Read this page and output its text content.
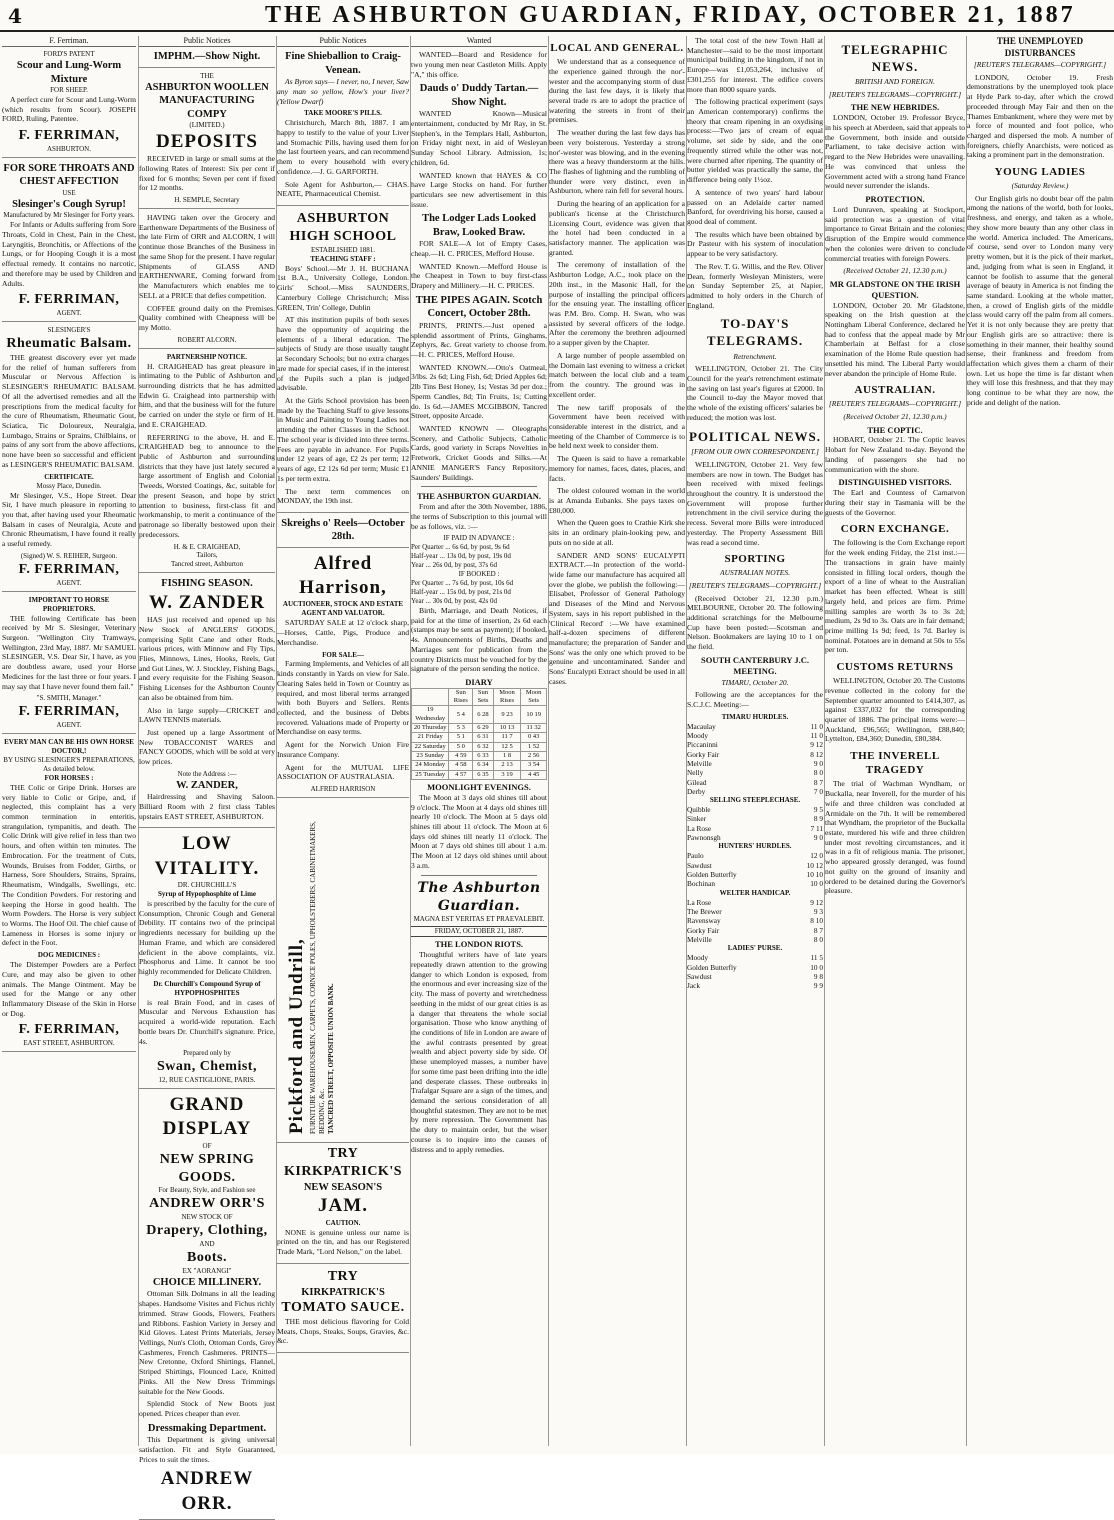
4	THE ASHBURTON GUARDIAN, FRIDAY, OCTOBER 21, 1887
F. Ferriman.
FORD'S PATENT
Scour and Lung-Worm Mixture
FOR SHEEP.

A perfect cure for Scour and Lung-Worm (which results from Scour). JOSEPH FORD, Ruling, Patentee.

F. FERRIMAN,
ASHBURTON.
FOR SORE THROATS AND CHEST AFFECTION
USE
Slesinger's Cough Syrup!
Manufactured by Mr Slesinger for Forty years.

For Infants or Adults suffering from Sore Throats, Cold in Chest, Pain in the Chest, Laryngitis, Bronchitis, or Affections of the Lungs, or for Hooping Cough it is a most effectual remedy. It contains no narcotic, and therefore may be used by Children and Adults.

F. FERRIMAN,
AGENT.
SLESINGER'S
Rheumatic Balsam.

THE greatest discovery ever yet made for the relief of human sufferers from Muscular or Nervous Affection is SLESINGER'S RHEUMATIC BALSAM. Of all the advertised remedies and all the prescriptions from the medical faculty for the cure of Rheumatism, Rheumatic Gout, Sciatica, Tic Doloureux, Neuralgia, Lumbago, Strains or Sprains, Chilblains, or pains of any sort from the above affections, none have been so successful and efficient as LESINGER'S RHEUMATIC BALSAM.

CERTIFICATE.
Mossy Place, Dunedin.

Mr Slesinger, V.S., Hope Street. Dear Sir, I have much pleasure in reporting to you that, after having used your Rheumatic Balsam in cases of Neuralgia, Acute and Chronic Rheumatism, I have found it really a useful remedy.

(Signed) W. S. REIHER, Surgeon.
F. FERRIMAN,
AGENT.
IMPORTANT TO HORSE PROPRIETORS.

THE following Certificate has been received by Mr S. Slesinger, Veterinary Surgeon. "Wellington City Tramways, Wellington, 23rd May, 1887. Mr SAMUEL SLESINGER, V.S. Dear Sir, I have, as you are doubtless aware, used your Horse Medicines for the last three or four years. I may say that I have never found them fail."

"S. SMITH, Manager."
F. FERRIMAN,
AGENT.
EVERY MAN CAN BE HIS OWN HORSE DOCTOR,!
BY USING SLESINGER'S PREPARATIONS, As detailed below.
FOR HORSES :

THE Colic or Gripe Drink. Horses are very liable to Colic or Gripe, and, if neglected, this complaint has a very common termination in enteritis, strangulation, tympanitis, and death. The Colic Drink will give relief in less than two hours, and often within ten minutes. The Embrocation. For the treatment of Cuts, Wounds, Bruises from Fodder, Girths, or Harness, Sore Shoulders, Strains, Sprains, Rheumatism, Windgalls, Swellings, etc. The Condition Powders. For restoring and keeping the Horse in good health. The Worm Powders. The Horse is very subject to Worms. The Hoof Oil. The chief cause of Lameness in Horses is some injury or defect in the Foot.

DOG MEDICINES :

The Distemper Powders are a Perfect Cure, and may also be given to other animals. The Mange Ointment. May be used for the Mange or any other Inflammatory Disease of the Skin in Horse or Dog.

F. FERRIMAN,
EAST STREET, ASHBURTON.
Public Notices
IMPHM.—Show Night.
THE
ASHBURTON WOOLLEN
MANUFACTURING COMPY
(LIMITED.)
DEPOSITS

RECEIVED in large or small sums at the following Rates of Interest: Six per cent if fixed for 6 months; Seven per cent if fixed for 12 months.

H. SEMPLE, Secretary

HAVING taken over the Grocery and Earthenware Departments of the Business of the late Firm of ORR and ALCORN, I will continue those Branches of the Business in the same Shop for the present. I have regular Shipments of GLASS AND EARTHENWARE, Coming forward from the Manufacturers which enables me to SELL at a PRICE that defies competition.

COFFEE ground daily on the Premises. Quality combined with Cheapness will be my Motto.

ROBERT ALCORN.
PARTNERSHIP NOTICE.

H. CRAIGHEAD has great pleasure in intimating to the Public of Ashburton and surrounding districts that he has admitted Edwin G. Craighead into partnership with him, and that the business will for the future be carried on under the style or firm of H. and E. CRAIGHEAD.

REFERRING to the above, H. and E. CRAIGHEAD beg to announce to the Public of Ashburton and surrounding districts that they have just lately secured a large assortment of English and Colonial Tweeds, Worsted Coatings, &c, suitable for the present Season, and hope by strict attention to business, first-class fit and workmanship, to merit a continuance of the patronage so liberally bestowed upon their predecessors.

H. & E. CRAIGHEAD,
Tailors,
Tancred street, Ashburton
FISHING SEASON.
W. ZANDER

HAS just received and opened up his New Stock of ANGLERS' GOODS, comprising Split Cane and other Rods, various prices, with Minnow and Fly Tips, Flies, Minnows, Lines, Hooks, Reels, Gut and Gut Lines, W. J. Stockley, Fishing Bags, and every requisite for the Fishing Season. Fishing Licenses for the Ashburton County can also be obtained from him.

Also in large supply—CRICKET and LAWN TENNIS materials.

Just opened up a large Assortment of New TOBACCONIST WARES and FANCY GOODS, which will be sold at very low prices.

Note the Address :—
W. ZANDER,

Hairdressing and Shaving Saloon. Billiard Room with 2 first class Tables upstairs EAST STREET, ASHBURTON.

LOW VITALITY.
DR. CHURCHILL'S
Syrup of Hypophosphite of Lime

is prescribed by the faculty for the cure of Consumption, Chronic Cough and General Debility. IT contains two of the principal ingredients necessary for building up the Human Frame, and which are considered deficient in the above complaints, viz. Phosphorus and Lime. It cannot be too highly recommended for Delicate Children.

Dr. Churchill's Compound Syrup of HYPOPHOSPHITES

is real Brain Food, and in cases of Muscular and Nervous Exhaustion has acquired a world-wide reputation. Each bottle bears Dr. Churchill's signature. Price, 4s.

Prepared only by
Swan, Chemist,
12, RUE CASTIGLIONE, PARIS.
GRAND DISPLAY
OF
NEW SPRING GOODS.
For Beauty, Style, and Fashion see
ANDREW ORR'S
NEW STOCK OF
Drapery, Clothing,
AND
Boots.
EX "AORANGI"
CHOICE MILLINERY.

Ottoman Silk Dolmans in all the leading shapes. Handsome Visites and Fichus richly trimmed. Straw Goods, Flowers, Feathers and Ribbons. Fashion Variety in Jersey and Kid Gloves. Latest Prints Materials, Jersey Vellings, Nun's Cloth, Ottoman Cords, Grey Cashmeres, French Cashmeres. PRINTS—New Cretonne, Oxford Shirtings, Flannel, Striped Shirtings, Flounced Lace, Knitted Pinks. All the New Dress Trimmings suitable for the New Goods.

Splendid Stock of New Boots just opened. Prices cheaper than ever.

Dressmaking Department.

This Department is giving universal satisfaction. Fit and Style Guaranteed, Prices to suit the times.

ANDREW ORR.
Public Notices
Fine Shieballion to Craig-Venean.

As Byron says— I never, no, I never, Saw any man so yellow, How's your liver? (Yellow Dwarf)

TAKE MOORE'S PILLS.

Christchurch, March 8th, 1887. I am happy to testify to the value of your Liver and Stomachic Pills, having used them for the last fourteen years, and can recommend them to every household with every confidence.—J. G. GARFORTH.

Sole Agent for Ashburton,— CHAS. NEATE, Pharmaceutical Chemist.

ASHBURTON HIGH SCHOOL
ESTABLISHED 1881.
TEACHING STAFF :

Boys' School.—Mr J. H. BUCHANA 1st B.A., University College, London. Girls' School.—Miss SAUNDERS, Canterbury College Christchurch; Miss GREEN, Trin' College, Dublin

AT this institution pupils of both sexes have the opportunity of acquiring the elements of a liberal education. The subjects of Study are those usually taught at Secondary Schools; but no extra charges are made for special cases, if in the interest of the Pupils such a plan is judged advisable.

At the Girls School provision has been made by the Teaching Staff to give lessons in Music and Painting to Young Ladies not attending the other Classes in the School. The school year is divided into three terms. Fees are payable in advance. For Pupils under 12 years of age, £2 2s per term; 12 years of age, £2 12s 6d per term; Music £1 1s per term extra.

The next term commences on MONDAY, the 19th inst.

Skreighs o' Reels—October 28th.
Alfred Harrison,
AUCTIONEER, STOCK AND ESTATE AGENT AND VALUATOR.

SATURDAY SALE at 12 o'clock sharp, —Horses, Cattle, Pigs, Produce and Merchandise.

FOR SALE—

Farming Implements, and Vehicles of all kinds constantly in Yards on view for Sale. Clearing Sales held in Town or Country as required, and most liberal terms arranged with both Buyers and Sellers. Rents collected, and the business of Debts recovered. Valuations made of Property or Merchandise on easy terms.

Agent for the Norwich Union Fire Insurance Company.

Agent for the MUTUAL LIFE ASSOCIATION OF AUSTRALASIA.

ALFRED HARRISON
Pickford and Undrill, FURNITURE WAREHOUSEMEN, CARPETS, CORNICE POLES, UPHOLSTERERS, CABINETMAKERS, BEDDING, &c. TANCRED STREET, OPPOSITE UNION BANK.
TRY
KIRKPATRICK'S
NEW SEASON'S
JAM.
CAUTION.

NONE is genuine unless our name is printed on the tin, and has our Registered Trade Mark, "Lord Nelson," on the label.

TRY
KIRKPATRICK'S
TOMATO SAUCE.

THE most delicious flavoring for Cold Meats, Chops, Steaks, Soups, Gravies, &c. &c.

Wanted

WANTED—Board and Residence for two young men near Castleton Mills. Apply "A," this office.

Dauds o' Duddy Tartan.—Show Night.

WANTED Known—Musical entertainment, conducted by Mr Ray, in St. Stephen's, in the Templars Hall, Ashburton, on Friday night next, in aid of Wesleyan Sunday School Library. Admission, 1s; children, 6d.

WANTED known that HAYES & CO have Large Stocks on hand. For further particulars see new advertisement in this issue.

The Lodger Lads Looked Braw, Looked Braw.

FOR SALE—A lot of Empty Cases, cheap.—H. C. PRICES, Mefford House.

WANTED Known.—Mefford House is the Cheapest in Town to buy first-class Drapery and Millinery.—H. C. PRICES.

THE PIPES AGAIN. Scotch Concert, October 28th.

PRINTS, PRINTS.—Just opened a splendid assortment of Prints, Ginghams, Zephyrs, &c. Great variety to choose from.—H. C. PRICES, Mefford House.

WANTED KNOWN.—Otto's Oatmeal, 3/lbs. 2s 6d; Ling Fish, 6d; Dried Apples 6d; 2lb Tins Best Honey, 1s; Vestas 3d per doz.; Sperm Candles, 8d; Tin Fruits, 1s; Cutting do. 1s 6d.—JAMES MCGIBBON, Tancred Street, opposite Arcade.

WANTED KNOWN — Oleographs Scenery, and Catholic Subjects, Catholic Cards, good variety in Scraps Novelties in Fretwork, Cricket Goods and Silks.—At ANNIE MANGER'S Fancy Repository, Saunders' Buildings.

THE ASHBURTON GUARDIAN.

From and after the 30th November, 1886, the terms of Subscription to this journal will be as follows, viz. :—

IF PAID IN ADVANCE :
Per Quarter ... 6s 6d, by post, 9s 6d
Half-year ... 13s 0d, by post, 19s 0d
Year ... 26s 0d, by post, 37s 6d
IF BOOKED :
Per Quarter ... 7s 6d, by post, 10s 6d
Half-year ... 15s 0d, by post, 21s 0d
Year ... 30s 0d, by post, 42s 0d

Birth, Marriage, and Death Notices, if paid for at the time of insertion, 2s 6d each (stamps may be sent as payment); if booked, 4s. Announcements of Births, Deaths and Marriages sent for publication from the country Districts must be vouched for by the signature of the person sending the notice.

DIARY
	Sun Rises	Sun Sets	Moon Rises	Moon Sets
19 Wednesday	5 4	6 28	9 23	10 19
20 Thursday	5 3	6 29	10 13	11 32
21 Friday	5 1	6 31	11 7	0 43
22 Saturday	5 0	6 32	12 5	1 52
23 Sunday	4 59	6 33	1 8	2 56
24 Monday	4 58	6 34	2 13	3 54
25 Tuesday	4 57	6 35	3 19	4 45
MOONLIGHT EVENINGS.

The Moon at 3 days old shines till about 9 o'clock. The Moon at 4 days old shines till nearly 10 o'clock. The Moon at 5 days old shines till about 11 o'clock. The Moon at 6 days old shines till nearly 11 o'clock. The Moon at 7 days old shines till about 1 a.m. The Moon at 12 days old shines until about 3 a.m.

The Ashburton Guardian.
MAGNA EST VERITAS ET PRAEVALEBIT.
FRIDAY, OCTOBER 21, 1887.
THE LONDON RIOTS.

Thoughtful writers have of late years repeatedly drawn attention to the growing danger to which London is exposed, from the enormous and ever increasing size of the city. The mass of poverty and wretchedness seething in the midst of our great cities is as a danger that threatens the whole social organisation. Those who know anything of the conditions of life in London are aware of the awful contrasts presented by great wealth and abject poverty side by side. Of these unemployed masses, a number have for some time past been drifting into the idle and desperate classes. These outbreaks in Trafalgar Square are a sign of the times, and demand the serious consideration of all thoughtful statesmen. They are not to be met by mere repression. The Government has the duty to maintain order, but the wiser course is to inquire into the causes of distress and to apply remedies.

LOCAL AND GENERAL.

We understand that as a consequence of the experience gained through the nor'-wester and the accompanying storm of dust during the last few days, it is likely that several trade rs are to adopt the practice of watering the streets in front of their premises.

The weather during the last few days has been very boisterous. Yesterday a strong nor'-wester was blowing, and in the evening there was a heavy thunderstorm at the hills. The flashes of lightning and the rumbling of thunder were very distinct, even in Ashburton, where rain fell for several hours.

During the hearing of an application for a publican's license at the Christchurch Licensing Court, evidence was given that the hotel had been conducted in a satisfactory manner. The application was granted.

The ceremony of installation of the Ashburton Lodge, A.C., took place on the 20th inst., in the Masonic Hall, for the purpose of installing the principal officers for the ensuing year. The installing officer was P.M. Bro. Comp. H. Swan, who was assisted by several officers of the lodge. After the ceremony the brethren adjourned to a supper given by the Chapter.

A large number of people assembled on the Domain last evening to witness a cricket match between the local club and a team from the country. The ground was in excellent order.

The new tariff proposals of the Government have been received with considerable interest in the district, and a meeting of the Chamber of Commerce is to be held next week to consider them.

The Queen is said to have a remarkable memory for names, faces, dates, places, and facts.

The oldest coloured woman in the world is at Amanda Eubanks. She pays taxes on £80,000.

When the Queen goes to Crathie Kirk she sits in an ordinary plain-looking pew, and puts on no side at all.

SANDER AND SONS' EUCALYPTI EXTRACT.—In protection of the world-wide fame our manufacture has acquired all over the globe, we publish the following:—Elisabet, Professor of General Pathology and Diseases of the Mind and Nervous System, says in his report published in the 'Clinical Record' :—We have examined half-a-dozen specimens of different manufacture; the preparation of Sander and Sons' was the only one which proved to be genuine and uncontaminated. Sander and Sons' Eucalypti Extract should be used in all cases.

The total cost of the new Town Hall at Manchester—said to be the most important municipal building in the kingdom, if not in Europe—was £1,053,264, inclusive of £301,255 for interest. The edifice covers more than 8000 square yards.

The following practical experiment (says an American contemporary) confirms the theory that cream ripening in an oxydising process:—Two jars of cream of equal volume, set side by side, and the one frequently stirred while the other was not, were churned after ripening. The quantity of butter yielded was practically the same, the difference being only 1½oz.

A sentence of two years' hard labour passed on an Adelaide carter named Banford, for overdriving his horse, caused a good deal of comment.

The results which have been obtained by Dr Pasteur with his system of inoculation appear to be very satisfactory.

The Rev. T. G. Willis, and the Rev. Oliver Dean, formerly Wesleyan Ministers, were on Sunday September 25, at Napier, admitted to holy orders in the Church of England.

TO-DAY'S TELEGRAMS.
Retrenchment.

WELLINGTON, October 21. The City Council for the year's retrenchment estimate the saving on last year's figures at £2000. In the Council to-day the Mayor moved that the whole of the existing officers' salaries be reduced; the motion was lost.

POLITICAL NEWS.
[FROM OUR OWN CORRESPONDENT.]

WELLINGTON, October 21. Very few members are now in town. The Budget has been received with mixed feelings throughout the country. It is understood the Government will propose further retrenchment in the civil service during the recess. Several more Bills were introduced yesterday. The Property Assessment Bill was read a second time.

SPORTING
AUSTRALIAN NOTES.
[REUTER'S TELEGRAMS—COPYRIGHT.]

(Received October 21, 12.30 p.m.) MELBOURNE, October 20. The following additional scratchings for the Melbourne Cup have been posted:—Scotsman and Nelson. Bookmakers are laying 10 to 1 on the field.

SOUTH CANTERBURY J.C. MEETING.
TIMARU, October 20.

Following are the acceptances for the S.C.J.C. Meeting:—

TIMARU HURDLES.
Macaulay	11 0
Moody	11 0
Piccaninni	9 12
Gorky Fair	8 12
Melville	9 0
Nelly	8 0
Gilead	8 7
Derby	7 0
SELLING STEEPLECHASE.
Quibble	9 5
Sinker	8 9
La Rose	7 11
Pawnonsgh	9 0
HUNTERS' HURDLES.
Paulo	12 0
Sawdust	10 12
Golden Butterfly	10 10
Bochinan	10 0
WELTER HANDICAP.
La Rose	9 12
The Brewer	9 3
Ravensway	8 10
Gorky Fair	8 7
Melville	8 0
LADIES' PURSE.
Moody	11 5
Golden Butterfly	10 0
Sawdust	9 8
Jack	9 9
TELEGRAPHIC NEWS.
BRITISH AND FOREIGN.
[REUTER'S TELEGRAMS—COPYRIGHT.]
THE NEW HEBRIDES.

LONDON, October 19. Professor Bryce, in his speech at Aberdeen, said that appeals to the Government, both inside and outside Parliament, to take decisive action with regard to the New Hebrides were unavailing. He was convinced that unless the Government acted with a strong hand France would never surrender the islands.

PROTECTION.

Lord Dunraven, speaking at Stockport, said protection was a question of vital importance to Great Britain and the colonies; disruption of the Empire would commence when the colonies were driven to conclude commercial treaties with foreign Powers.

(Received October 21, 12.30 p.m.)
MR GLADSTONE ON THE IRISH QUESTION.

LONDON, October 20. Mr Gladstone, speaking on the Irish question at the Nottingham Liberal Conference, declared he had to confess that the appeal made by Mr Chamberlain at Belfast for a close examination of the Home Rule question had unsettled his mind. The Liberal Party would never abandon the principle of Home Rule.

AUSTRALIAN.
[REUTER'S TELEGRAMS—COPYRIGHT.]
(Received October 21, 12.30 p.m.)
THE COPTIC.

HOBART, October 21. The Coptic leaves Hobart for New Zealand to-day. Beyond the landing of passengers she had no communication with the shore.

DISTINGUISHED VISITORS.

The Earl and Countess of Carnarvon during their stay in Tasmania will be the guests of the Governor.

CORN EXCHANGE.

The following is the Corn Exchange report for the week ending Friday, the 21st inst.:— The transactions in grain have mainly consisted in filling local orders, though the export of a line of wheat to the Australian market has been effected. Wheat is still largely held, and prices are firm. Prime milling samples are worth 3s to 3s 2d; medium, 2s 9d to 3s. Oats are in fair demand; prime milling 1s 9d; feed, 1s 7d. Barley is nominal. Potatoes are in demand at 50s to 55s per ton.

CUSTOMS RETURNS

WELLINGTON, October 20. The Customs revenue collected in the colony for the September quarter amounted to £414,307, as against £337,032 for the corresponding quarter of 1886. The principal items were:—Auckland, £96,565; Wellington, £88,840; Lyttelton, £84,360; Dunedin, £80,384.

THE INVERELL TRAGEDY

The trial of Wachman Wyndham, or Buckalla, near Inverell, for the murder of his wife and three children was concluded at Armidale on the 7th. It will be remembered that Wyndham, the proprietor of the Buckalla estate, murdered his wife and three children under most revolting circumstances, and it was in a fit of religious mania. The prisoner, who appeared grossly deranged, was found not guilty on the ground of insanity and ordered to be detained during the Governor's pleasure.

THE UNEMPLOYED DISTURBANCES
[REUTER'S TELEGRAMS—COPYRIGHT.]

LONDON, October 19. Fresh demonstrations by the unemployed took place at Hyde Park to-day, after which the crowd proceeded through May Fair and then on the Thames Embankment, where they were met by a force of mounted and foot police, who charged and dispersed the mob. A number of foreigners, chiefly Anarchists, were noticed as taking a prominent part in the demonstration.

YOUNG LADIES
(Saturday Review.)

Our English girls no doubt bear off the palm among the nations of the world, both for looks, freshness, and energy, and taken as a whole, they show more beauty than any other class in the world. America included. The Americans, of course, send over to London many very pretty women, but it is the pick of their market, and, judging from what is seen in England, it cannot be foolish to assume that the general average of beauty in America is not finding the same standard. Looking at the whole matter, then, a crowd of English girls of the middle class would carry off the palm from all comers. Yet it is not only because they are pretty that our English girls are so attractive: there is something in their manner, their healthy sound sense, their frankness and freedom from affectation which gives them a charm of their own. Let us hope the time is far distant when they will lose this freshness, and that they may long continue to be what they are now, the pride and delight of the nation.
